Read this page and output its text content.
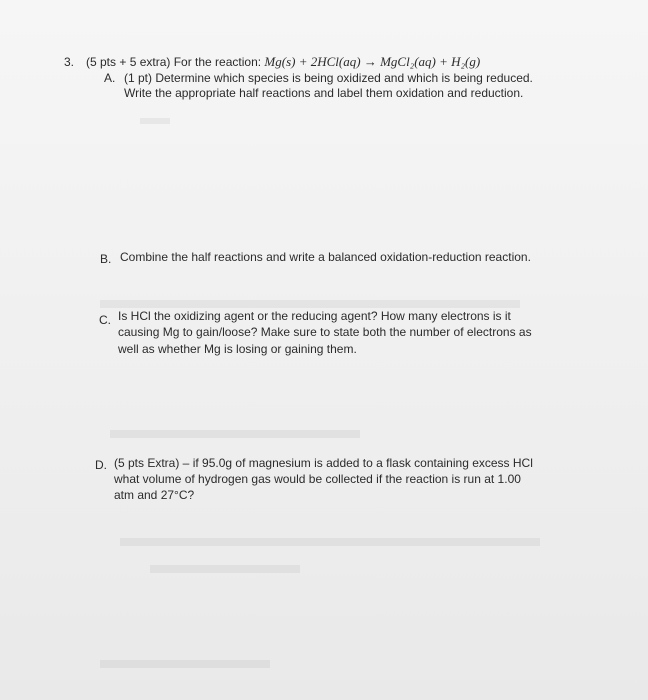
3. (5 pts + 5 extra) For the reaction: Mg(s) + 2HCl(aq) → MgCl₂(aq) + H₂(g)
A. (1 pt) Determine which species is being oxidized and which is being reduced.
Write the appropriate half reactions and label them oxidation and reduction.
B. Combine the half reactions and write a balanced oxidation-reduction reaction.
C. Is HCl the oxidizing agent or the reducing agent? How many electrons is it
causing Mg to gain/loose? Make sure to state both the number of electrons as
well as whether Mg is losing or gaining them.
D. (5 pts Extra) – if 95.0g of magnesium is added to a flask containing excess HCl
what volume of hydrogen gas would be collected if the reaction is run at 1.00
atm and 27°C?
